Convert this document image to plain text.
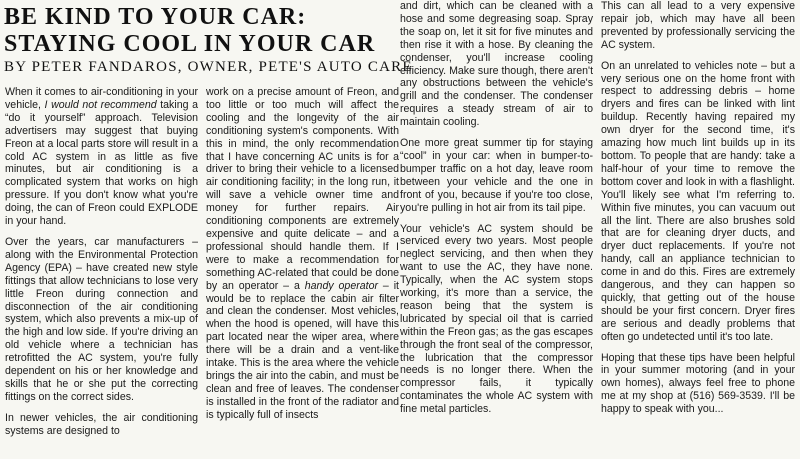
BE KIND TO YOUR CAR:
STAYING COOL IN YOUR CAR
BY PETER FANDAROS, OWNER, PETE'S AUTO CARE

When it comes to air-conditioning in your vehicle, I would not recommend taking a “do it yourself” approach. Television advertisers may suggest that buying Freon at a local parts store will result in a cold AC system in as little as five minutes, but air conditioning is a complicated system that works on high pressure. If you don't know what you're doing, the can of Freon could EXPLODE in your hand.

Over the years, car manufacturers – along with the Environmental Protection Agency (EPA) – have created new style fittings that allow technicians to lose very little Freon during connection and disconnection of the air conditioning system, which also prevents a mix-up of the high and low side. If you're driving an old vehicle where a technician has retrofitted the AC system, you're fully dependent on his or her knowledge and skills that he or she put the correcting fittings on the correct sides.

In newer vehicles, the air conditioning systems are designed to

work on a precise amount of Freon, and too little or too much will affect the cooling and the longevity of the air conditioning system's components. With this in mind, the only recommendation that I have concerning AC units is for a driver to bring their vehicle to a licensed air conditioning facility; in the long run, it will save a vehicle owner time and money for further repairs. Air conditioning components are extremely expensive and quite delicate – and a professional should handle them. If I were to make a recommendation for something AC-related that could be done by an operator – a handy operator – it would be to replace the cabin air filter and clean the condenser. Most vehicles, when the hood is opened, will have this part located near the wiper area, where there will be a drain and a vent-like intake. This is the area where the vehicle brings the air into the cabin, and must be clean and free of leaves. The condenser is installed in the front of the radiator and is typically full of insects

and dirt, which can be cleaned with a hose and some degreasing soap. Spray the soap on, let it sit for five minutes and then rise it with a hose. By cleaning the condenser, you'll increase cooling efficiency. Make sure though, there aren't any obstructions between the vehicle's grill and the condenser. The condenser requires a steady stream of air to maintain cooling.

One more great summer tip for staying “cool” in your car: when in bumper-to-bumper traffic on a hot day, leave room between your vehicle and the one in front of you, because if you're too close, you're pulling in hot air from its tail pipe.

Your vehicle's AC system should be serviced every two years. Most people neglect servicing, and then when they want to use the AC, they have none. Typically, when the AC system stops working, it's more than a service, the reason being that the system is lubricated by special oil that is carried within the Freon gas; as the gas escapes through the front seal of the compressor, the lubrication that the compressor needs is no longer there. When the compressor fails, it typically contaminates the whole AC system with fine metal particles.

This can all lead to a very expensive repair job, which may have all been prevented by professionally servicing the AC system.

On an unrelated to vehicles note – but a very serious one on the home front with respect to addressing debris – home dryers and fires can be linked with lint buildup. Recently having repaired my own dryer for the second time, it's amazing how much lint builds up in its bottom. To people that are handy: take a half-hour of your time to remove the bottom cover and look in with a flashlight. You'll likely see what I'm referring to. Within five minutes, you can vacuum out all the lint. There are also brushes sold that are for cleaning dryer ducts, and dryer duct replacements. If you're not handy, call an appliance technician to come in and do this. Fires are extremely dangerous, and they can happen so quickly, that getting out of the house should be your first concern. Dryer fires are serious and deadly problems that often go undetected until it's too late.

Hoping that these tips have been helpful in your summer motoring (and in your own homes), always feel free to phone me at my shop at (516) 569-3539. I'll be happy to speak with you...
